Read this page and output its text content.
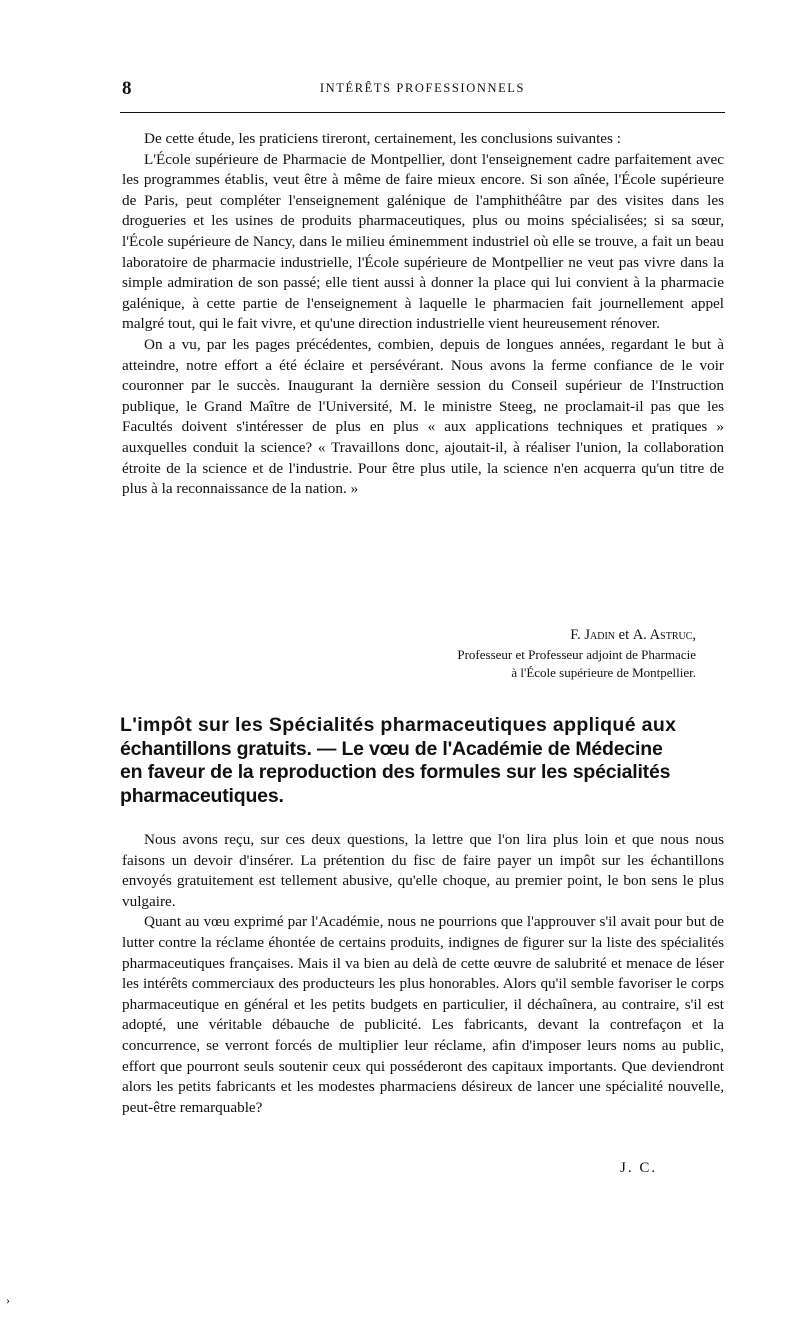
8	INTÉRÊTS PROFESSIONNELS

De cette étude, les praticiens tireront, certainement, les conclusions suivantes :

L'École supérieure de Pharmacie de Montpellier, dont l'enseignement cadre parfaitement avec les programmes établis, veut être à même de faire mieux encore. Si son aînée, l'École supérieure de Paris, peut compléter l'enseignement galénique de l'amphithéâtre par des visites dans les drogueries et les usines de produits pharmaceutiques, plus ou moins spécialisées; si sa sœur, l'École supérieure de Nancy, dans le milieu éminemment industriel où elle se trouve, a fait un beau laboratoire de pharmacie industrielle, l'École supérieure de Montpellier ne veut pas vivre dans la simple admiration de son passé; elle tient aussi à donner la place qui lui convient à la pharmacie galénique, à cette partie de l'enseignement à laquelle le pharmacien fait journellement appel malgré tout, qui le fait vivre, et qu'une direction industrielle vient heureusement rénover.

On a vu, par les pages précédentes, combien, depuis de longues années, regardant le but à atteindre, notre effort a été éclaire et persévérant. Nous avons la ferme confiance de le voir couronner par le succès. Inaugurant la dernière session du Conseil supérieur de l'Instruction publique, le Grand Maître de l'Université, M. le ministre Steeg, ne proclamait-il pas que les Facultés doivent s'intéresser de plus en plus « aux applications techniques et pratiques » auxquelles conduit la science? « Travaillons donc, ajoutait-il, à réaliser l'union, la collaboration étroite de la science et de l'industrie. Pour être plus utile, la science n'en acquerra qu'un titre de plus à la reconnaissance de la nation. »

F. Jadin et A. Astruc,
Professeur et Professeur adjoint de Pharmacie
à l'École supérieure de Montpellier.
L'impôt sur les Spécialités pharmaceutiques appliqué aux
échantillons gratuits. — Le vœu de l'Académie de Médecine
en faveur de la reproduction des formules sur les spécialités
pharmaceutiques.

Nous avons reçu, sur ces deux questions, la lettre que l'on lira plus loin et que nous nous faisons un devoir d'insérer. La prétention du fisc de faire payer un impôt sur les échantillons envoyés gratuitement est tellement abusive, qu'elle choque, au premier point, le bon sens le plus vulgaire.

Quant au vœu exprimé par l'Académie, nous ne pourrions que l'approuver s'il avait pour but de lutter contre la réclame éhontée de certains produits, indignes de figurer sur la liste des spécialités pharmaceutiques françaises. Mais il va bien au delà de cette œuvre de salubrité et menace de léser les intérêts commerciaux des producteurs les plus honorables. Alors qu'il semble favoriser le corps pharmaceutique en général et les petits budgets en particulier, il déchaînera, au contraire, s'il est adopté, une véritable débauche de publicité. Les fabricants, devant la contrefaçon et la concurrence, se verront forcés de multiplier leur réclame, afin d'imposer leurs noms au public, effort que pourront seuls soutenir ceux qui posséderont des capitaux importants. Que deviendront alors les petits fabricants et les modestes pharmaciens désireux de lancer une spécialité nouvelle, peut-être remarquable?

J. C.
›
